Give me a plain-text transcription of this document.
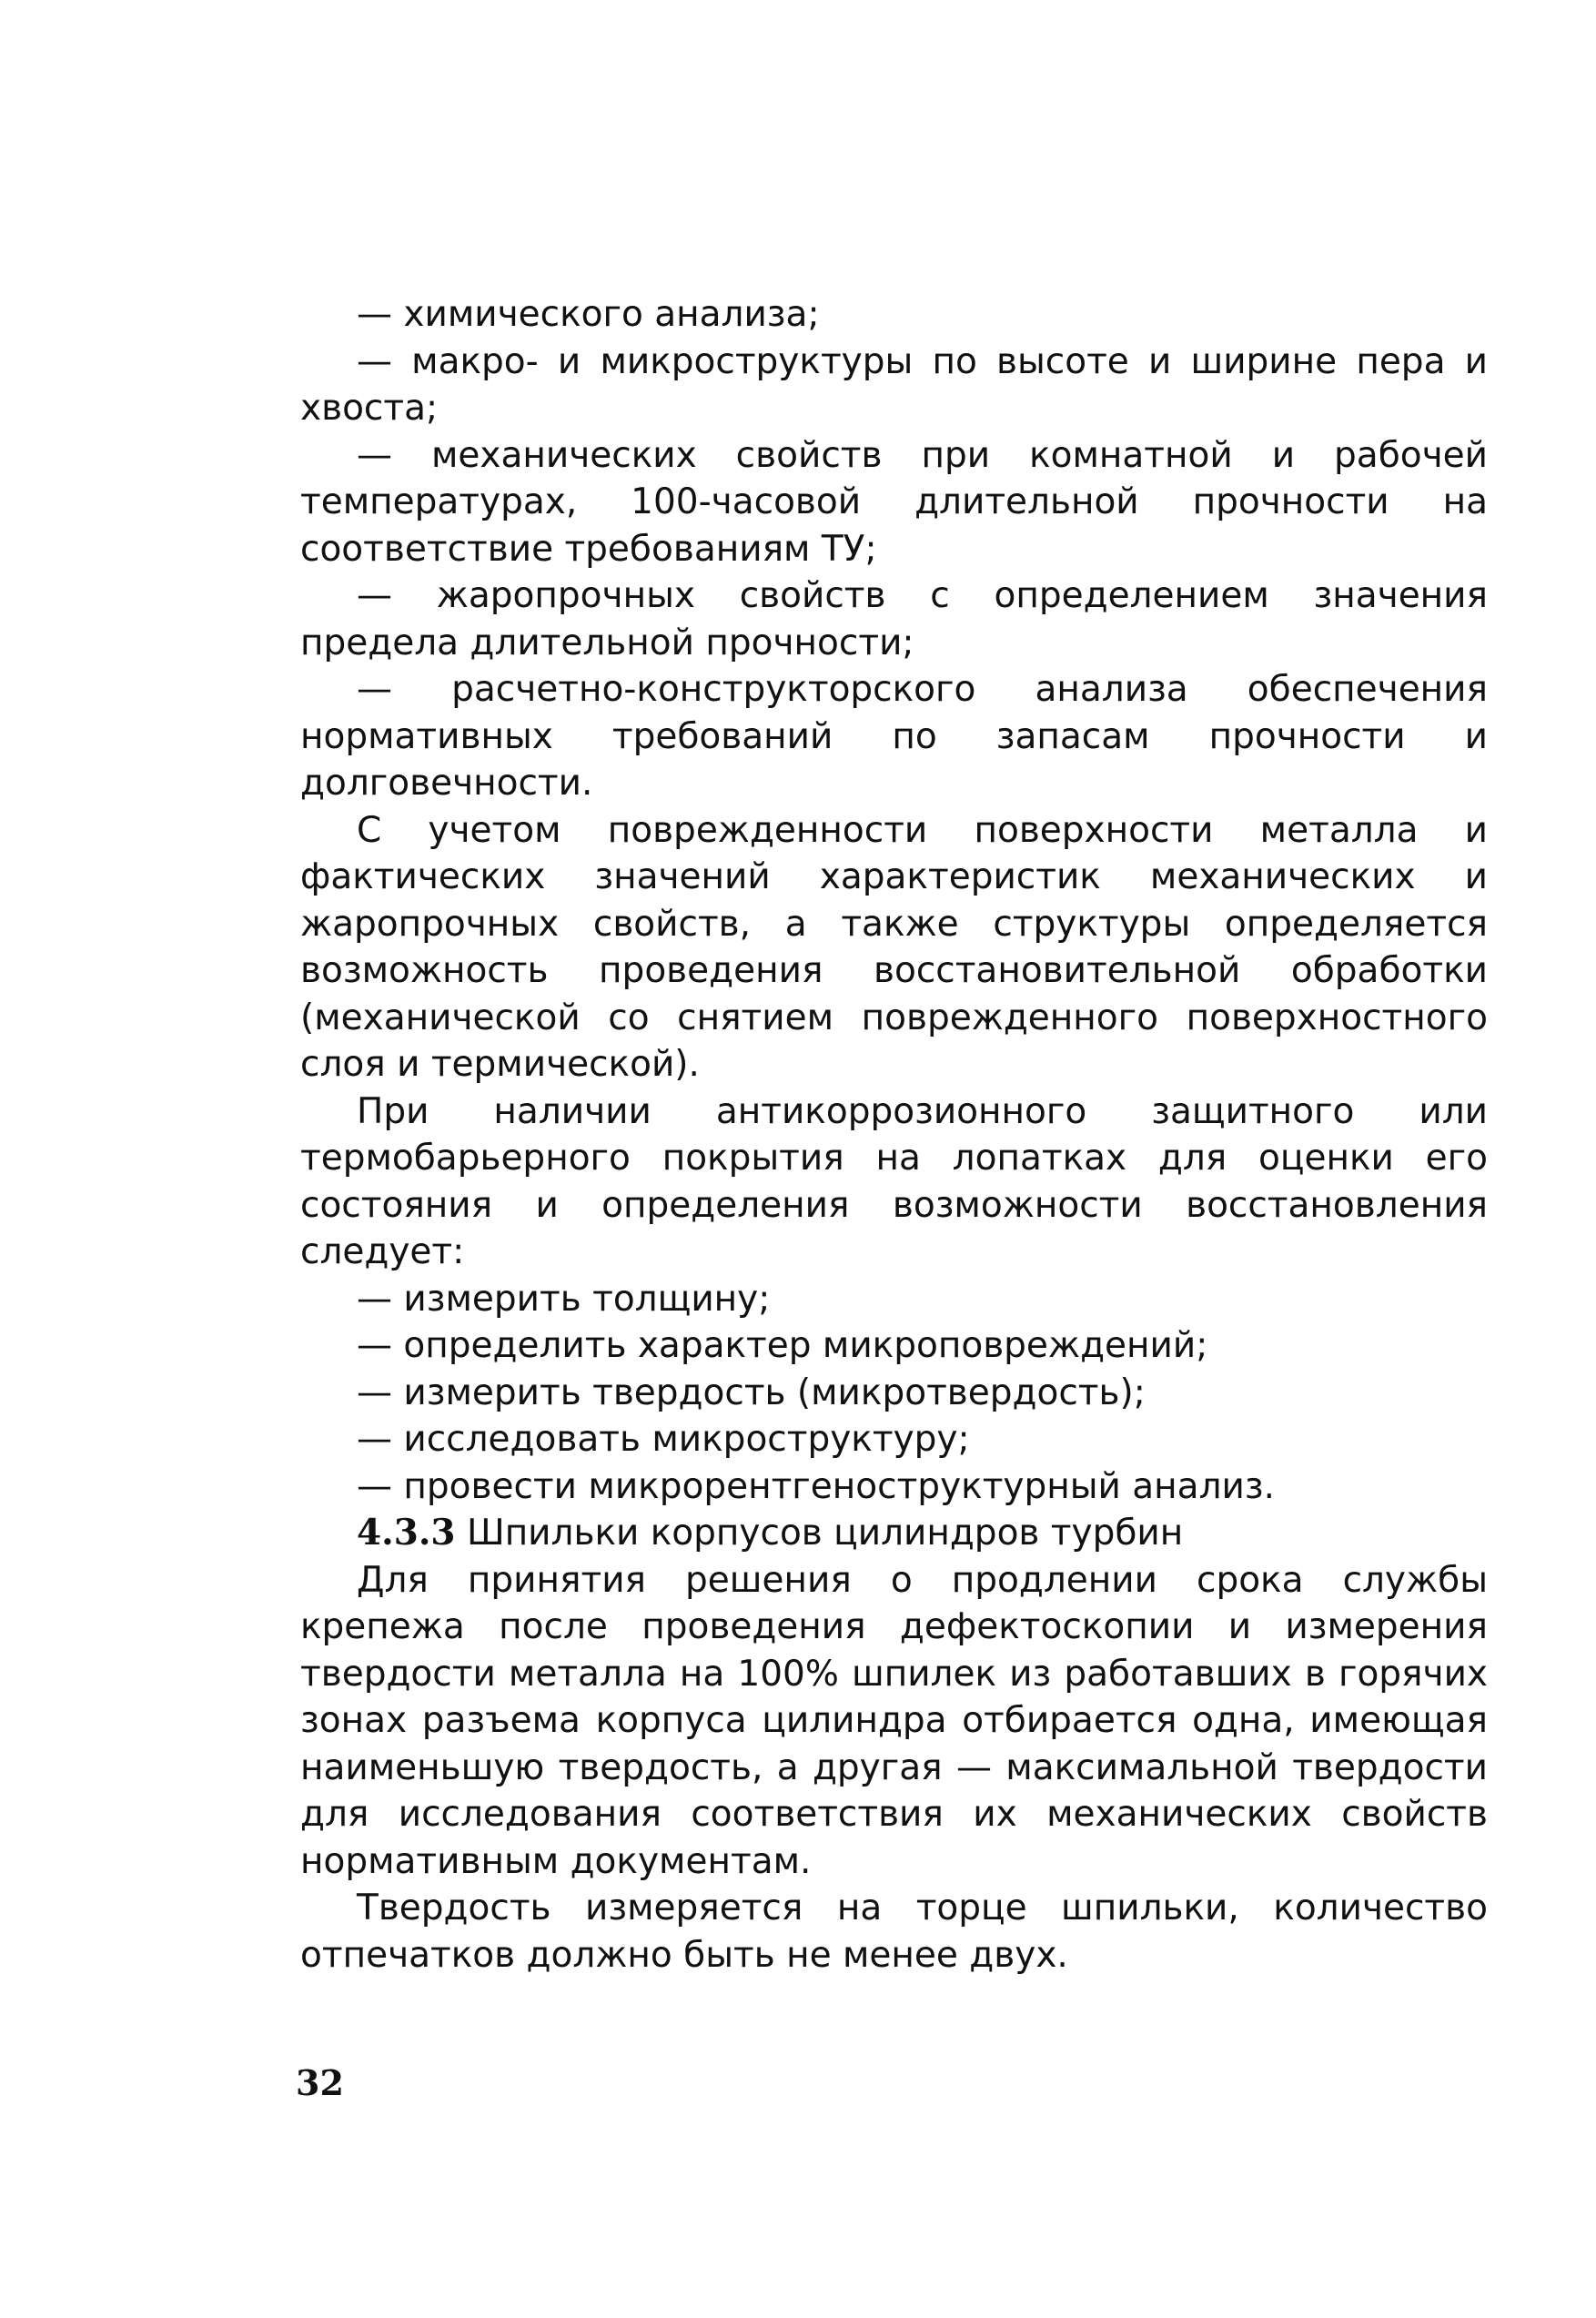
— химического анализа;

— макро- и микроструктуры по высоте и ширине пера и хвоста;

— механических свойств при комнатной и рабочей температурах, 100-часовой длительной прочности на соответствие требованиям ТУ;

— жаропрочных свойств с определением значения предела длительной прочности;

— расчетно-конструкторского анализа обеспечения нормативных требований по запасам прочности и долговечности.

С учетом поврежденности поверхности металла и фактических значений характеристик механических и жаропрочных свойств, а также структуры определяется возможность проведения восстановительной обработки (механической со снятием поврежденного поверхностного слоя и термической).

При наличии антикоррозионного защитного или термобарьерного покрытия на лопатках для оценки его состояния и определения возможности восстановления следует:

— измерить толщину;

— определить характер микроповреждений;

— измерить твердость (микротвердость);

— исследовать микроструктуру;

— провести микрорентгеноструктурный анализ.

4.3.3 Шпильки корпусов цилиндров турбин

Для принятия решения о продлении срока службы крепежа после проведения дефектоскопии и измерения твердости металла на 100% шпилек из работавших в горячих зонах разъема корпуса цилиндра отбирается одна, имеющая наименьшую твердость, а другая — максимальной твердости для исследования соответствия их механических свойств нормативным документам.

Твердость измеряется на торце шпильки, количество отпечатков должно быть не менее двух.

32
